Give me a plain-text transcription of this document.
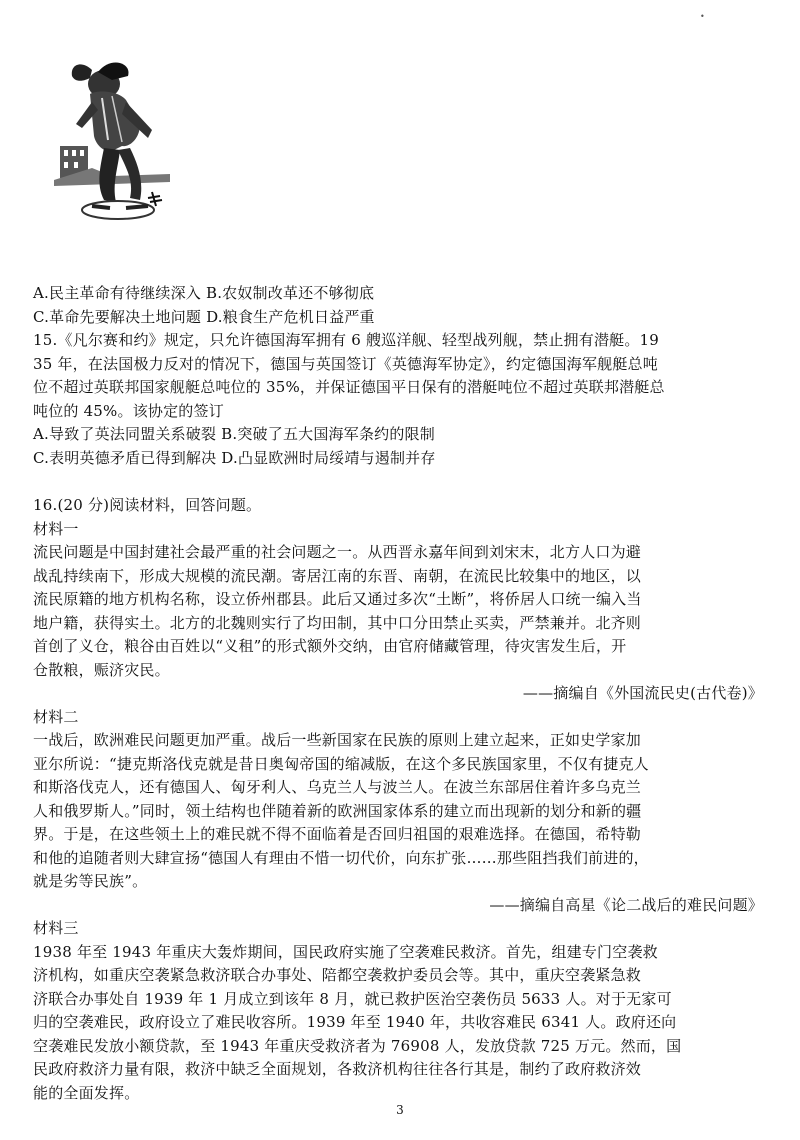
•
A.民主革命有待继续深入 B.农奴制改革还不够彻底
C.革命先要解决土地问题 D.粮食生产危机日益严重
15.《凡尔赛和约》规定，只允许德国海军拥有 6 艘巡洋舰、轻型战列舰，禁止拥有潜艇。19
35 年，在法国极力反对的情况下，德国与英国签订《英德海军协定》，约定德国海军舰艇总吨
位不超过英联邦国家舰艇总吨位的 35%，并保证德国平日保有的潜艇吨位不超过英联邦潜艇总
吨位的 45%。该协定的签订
A.导致了英法同盟关系破裂 B.突破了五大国海军条约的限制
C.表明英德矛盾已得到解决 D.凸显欧洲时局绥靖与遏制并存
16.(20 分)阅读材料，回答问题。
材料一
流民问题是中国封建社会最严重的社会问题之一。从西晋永嘉年间到刘宋末，北方人口为避
战乱持续南下，形成大规模的流民潮。寄居江南的东晋、南朝，在流民比较集中的地区，以
流民原籍的地方机构名称，设立侨州郡县。此后又通过多次“土断”，将侨居人口统一编入当
地户籍，获得实土。北方的北魏则实行了均田制，其中口分田禁止买卖，严禁兼并。北齐则
首创了义仓，粮谷由百姓以“义租”的形式额外交纳，由官府储藏管理，待灾害发生后，开
仓散粮，赈济灾民。
——摘编自《外国流民史(古代卷)》
材料二
一战后，欧洲难民问题更加严重。战后一些新国家在民族的原则上建立起来，正如史学家加
亚尔所说：“捷克斯洛伐克就是昔日奥匈帝国的缩减版，在这个多民族国家里，不仅有捷克人
和斯洛伐克人，还有德国人、匈牙利人、乌克兰人与波兰人。在波兰东部居住着许多乌克兰
人和俄罗斯人。”同时，领土结构也伴随着新的欧洲国家体系的建立而出现新的划分和新的疆
界。于是，在这些领土上的难民就不得不面临着是否回归祖国的艰难选择。在德国，希特勒
和他的追随者则大肆宣扬“德国人有理由不惜一切代价，向东扩张……那些阻挡我们前进的，
就是劣等民族”。
——摘编自高星《论二战后的难民问题》
材料三
1938 年至 1943 年重庆大轰炸期间，国民政府实施了空袭难民救济。首先，组建专门空袭救
济机构，如重庆空袭紧急救济联合办事处、陪都空袭救护委员会等。其中，重庆空袭紧急救
济联合办事处自 1939 年 1 月成立到该年 8 月，就已救护医治空袭伤员 5633 人。对于无家可
归的空袭难民，政府设立了难民收容所。1939 年至 1940 年，共收容难民 6341 人。政府还向
空袭难民发放小额贷款，至 1943 年重庆受救济者为 76908 人，发放贷款 725 万元。然而，国
民政府救济力量有限，救济中缺乏全面规划，各救济机构往往各行其是，制约了政府救济效
能的全面发挥。
3
